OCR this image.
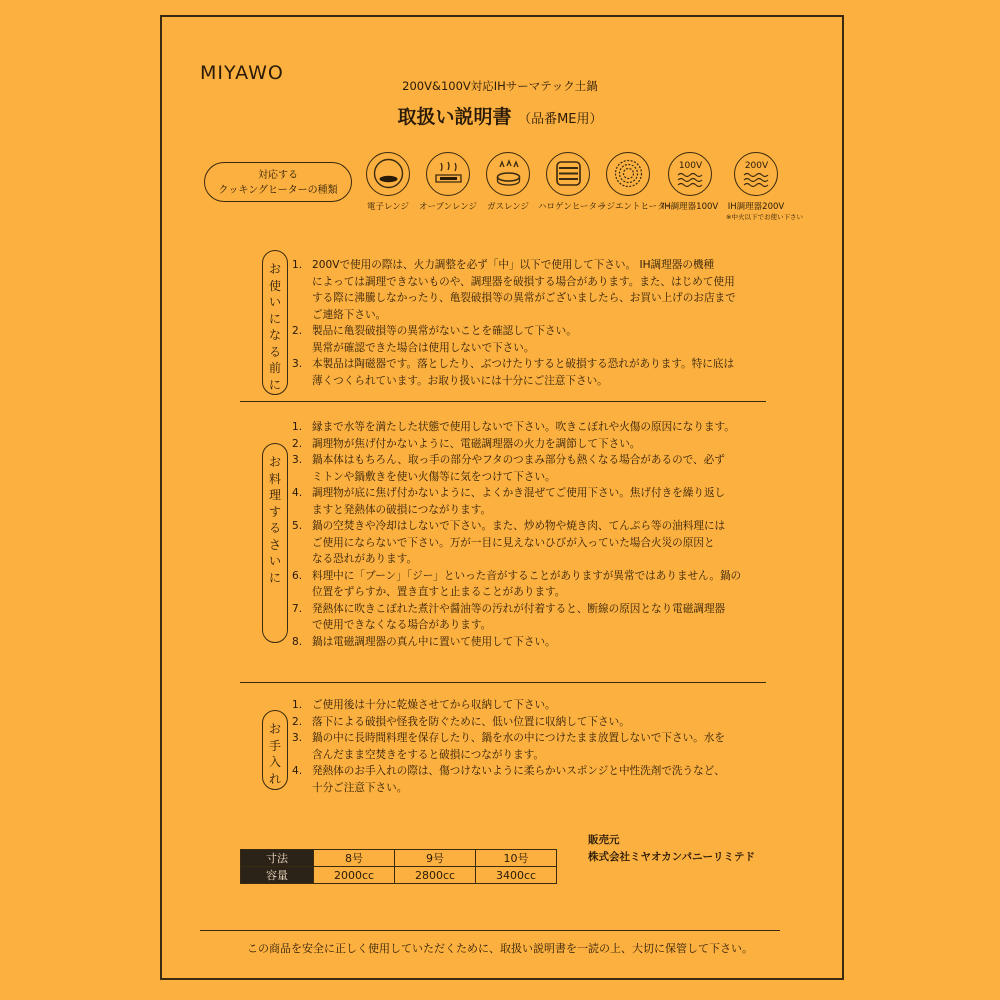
MIYAWO
200V&100V対応IHサーマテック土鍋
取扱い説明書 （品番ME用）
対応する
クッキングヒーターの種類
電子レンジ	オーブンレンジ	ガスレンジ	ハロゲンヒーター
ラジエントヒーター
100V
IH調理器100V
200V
IH調理器200V
※中火以下でお使い下さい
お
使
い
に
な
る
前
に
1. 200Vで使用の際は、火力調整を必ず「中」以下で使用して下さい。 IH調理器の機種
によっては調理できないものや、調理器を破損する場合があります。また、はじめて使用
する際に沸騰しなかったり、亀裂破損等の異常がございましたら、お買い上げのお店まで
ご連絡下さい。
2. 製品に亀裂破損等の異常がないことを確認して下さい。
異常が確認できた場合は使用しないで下さい。
3. 本製品は陶磁器です。落としたり、ぶつけたりすると破損する恐れがあります。特に底は
薄くつくられています。お取り扱いには十分にご注意下さい。
お
料
理
す
る
さ
い
に
1. 縁まで水等を満たした状態で使用しないで下さい。吹きこぼれや火傷の原因になります。
2. 調理物が焦げ付かないように、電磁調理器の火力を調節して下さい。
3. 鍋本体はもちろん、取っ手の部分やフタのつまみ部分も熱くなる場合があるので、必ず
ミトンや鍋敷きを使い火傷等に気をつけて下さい。
4. 調理物が底に焦げ付かないように、よくかき混ぜてご使用下さい。焦げ付きを繰り返し
ますと発熱体の破損につながります。
5. 鍋の空焚きや冷却はしないで下さい。また、炒め物や焼き肉、てんぷら等の油料理には
ご使用にならないで下さい。万が一目に見えないひびが入っていた場合火災の原因と
なる恐れがあります。
6. 料理中に「ブーン」「ジー」といった音がすることがありますが異常ではありません。鍋の
位置をずらすか、置き直すと止まることがあります。
7. 発熱体に吹きこぼれた煮汁や醤油等の汚れが付着すると、断線の原因となり電磁調理器
で使用できなくなる場合があります。
8. 鍋は電磁調理器の真ん中に置いて使用して下さい。
お
手
入
れ
1. ご使用後は十分に乾燥させてから収納して下さい。
2. 落下による破損や怪我を防ぐために、低い位置に収納して下さい。
3. 鍋の中に長時間料理を保存したり、鍋を水の中につけたまま放置しないで下さい。水を
含んだまま空焚きをすると破損につながります。
4. 発熱体のお手入れの際は、傷つけないように柔らかいスポンジと中性洗剤で洗うなど、
十分ご注意下さい。
寸法	8号	9号	10号
容量	2000cc	2800cc	3400cc
販売元
株式会社ミヤオカンパニーリミテド
この商品を安全に正しく使用していただくために、取扱い説明書を一読の上、大切に保管して下さい。
